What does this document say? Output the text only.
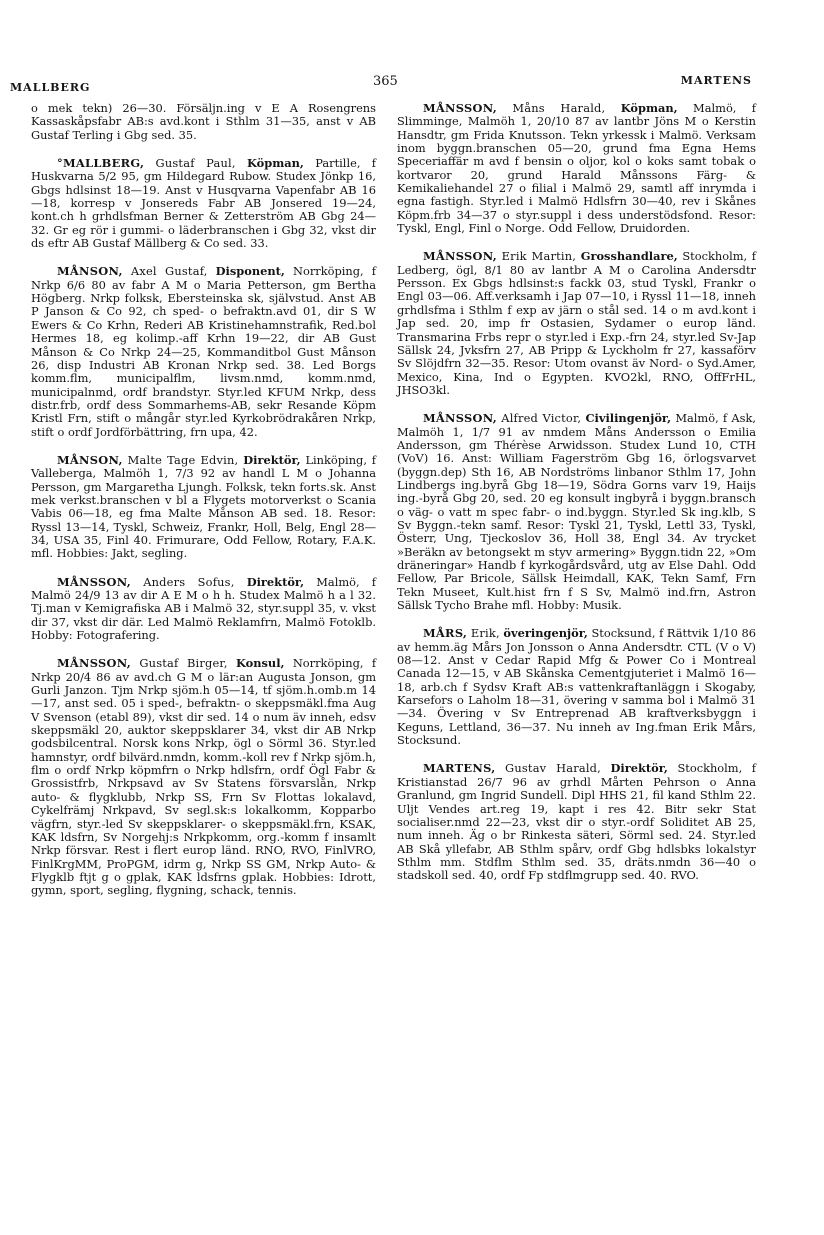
MALLBERG	365	MARTENS

o mek tekn) 26—30. Försäljn.ing v E A Rosengrens Kassaskåpsfabr AB:s avd.kont i Sthlm 31—35, anst v AB Gustaf Terling i Gbg sed. 35.

°MALLBERG, Gustaf Paul, Köpman, Partille, f Huskvarna 5/2 95, gm Hildegard Rubow. Studex Jönkp 16, Gbgs hdlsinst 18—19. Anst v Husqvarna Vapenfabr AB 16—18, korresp v Jonsereds Fabr AB Jonsered 19—24, kont.ch h grhdlsfman Berner & Zetterström AB Gbg 24—32. Gr eg rör i gummi- o läderbranschen i Gbg 32, vkst dir ds eftr AB Gustaf Mällberg & Co sed. 33.

MÅNSON, Axel Gustaf, Disponent, Norrköping, f Nrkp 6/6 80 av fabr A M o Maria Petterson, gm Bertha Högberg. Nrkp folksk, Ebersteinska sk, självstud. Anst AB P Janson & Co 92, ch sped- o befraktn.avd 01, dir S W Ewers & Co Krhn, Rederi AB Kristinehamnstrafik, Red.bol Hermes 18, eg kolimp.-aff Krhn 19—22, dir AB Gust Månson & Co Nrkp 24—25, Kommanditbol Gust Månson 26, disp Industri AB Kronan Nrkp sed. 38. Led Borgs komm.flm, municipalflm, livsm.nmd, komm.nmd, municipalnmd, ordf brandstyr. Styr.led KFUM Nrkp, dess distr.frb, ordf dess Sommarhems-AB, sekr Resande Köpm Kristl Frn, stift o mångår styr.led Kyrkobrödrakåren Nrkp, stift o ordf Jordförbättring, frn upa, 42.

MÅNSON, Malte Tage Edvin, Direktör, Linköping, f Valleberga, Malmöh 1, 7/3 92 av handl L M o Johanna Persson, gm Margaretha Ljungh. Folksk, tekn forts.sk. Anst mek verkst.branschen v bl a Flygets motorverkst o Scania Vabis 06—18, eg fma Malte Månson AB sed. 18. Resor: Ryssl 13—14, Tyskl, Schweiz, Frankr, Holl, Belg, Engl 28—34, USA 35, Finl 40. Frimurare, Odd Fellow, Rotary, F.A.K. mfl. Hobbies: Jakt, segling.

MÅNSSON, Anders Sofus, Direktör, Malmö, f Malmö 24/9 13 av dir A E M o h h. Studex Malmö h a l 32. Tj.man v Kemigrafiska AB i Malmö 32, styr.suppl 35, v. vkst dir 37, vkst dir där. Led Malmö Reklamfrn, Malmö Fotoklb. Hobby: Fotografering.

MÅNSSON, Gustaf Birger, Konsul, Norrköping, f Nrkp 20/4 86 av avd.ch G M o lär:an Augusta Jonson, gm Gurli Janzon. Tjm Nrkp sjöm.h 05—14, tf sjöm.h.omb.m 14—17, anst sed. 05 i sped-, befraktn- o skeppsmäkl.fma Aug V Svenson (etabl 89), vkst dir sed. 14 o num äv inneh, edsv skeppsmäkl 20, auktor skeppsklarer 34, vkst dir AB Nrkp godsbilcentral. Norsk kons Nrkp, ögl o Sörml 36. Styr.led hamnstyr, ordf bilvärd.nmdn, komm.-koll rev f Nrkp sjöm.h, flm o ordf Nrkp köpmfrn o Nrkp hdlsfrn, ordf Ögl Fabr & Grossistfrb, Nrkpsavd av Sv Statens försvarslån, Nrkp auto- & flygklubb, Nrkp SS, Frn Sv Flottas lokalavd, Cykelfrämj Nrkpavd, Sv segl.sk:s lokalkomm, Kopparbo vägfrn, styr.-led Sv skeppsklarer- o skeppsmäkl.frn, KSAK, KAK ldsfrn, Sv Norgehj:s Nrkpkomm, org.-komm f insamlt Nrkp försvar. Rest i flert europ länd. RNO, RVO, FinlVRO, FinlKrgMM, ProPGM, idrm g, Nrkp SS GM, Nrkp Auto- & Flygklb ftjt g o gplak, KAK ldsfrns gplak. Hobbies: Idrott, gymn, sport, segling, flygning, schack, tennis.

MÅNSSON, Måns Harald, Köpman, Malmö, f Slimminge, Malmöh 1, 20/10 87 av lantbr Jöns M o Kerstin Hansdtr, gm Frida Knutsson. Tekn yrkessk i Malmö. Verksam inom byggn.branschen 05—20, grund fma Egna Hems Speceriaffär m avd f bensin o oljor, kol o koks samt tobak o kortvaror 20, grund Harald Månssons Färg- & Kemikaliehandel 27 o filial i Malmö 29, samtl aff inrymda i egna fastigh. Styr.led i Malmö Hdlsfrn 30—40, rev i Skånes Köpm.frb 34—37 o styr.suppl i dess understödsfond. Resor: Tyskl, Engl, Finl o Norge. Odd Fellow, Druidorden.

MÅNSSON, Erik Martin, Grosshandlare, Stockholm, f Ledberg, ögl, 8/1 80 av lantbr A M o Carolina Andersdtr Persson. Ex Gbgs hdlsinst:s fackk 03, stud Tyskl, Frankr o Engl 03—06. Aff.verksamh i Jap 07—10, i Ryssl 11—18, inneh grhdlsfma i Sthlm f exp av järn o stål sed. 14 o m avd.kont i Jap sed. 20, imp fr Ostasien, Sydamer o europ länd. Transmarina Frbs repr o styr.led i Exp.-frn 24, styr.led Sv-Jap Sällsk 24, Jvksfrn 27, AB Pripp & Lyckholm fr 27, kassaförv Sv Slöjdfrn 32—35. Resor: Utom ovanst äv Nord- o Syd.Amer, Mexico, Kina, Ind o Egypten. KVO2kl, RNO, OffFrHL, JHSO3kl.

MÅNSSON, Alfred Victor, Civilingenjör, Malmö, f Ask, Malmöh 1, 1/7 91 av nmdem Måns Andersson o Emilia Andersson, gm Thérèse Arwidsson. Studex Lund 10, CTH (VoV) 16. Anst: William Fagerström Gbg 16, örlogsvarvet (byggn.dep) Sth 16, AB Nordströms linbanor Sthlm 17, John Lindbergs ing.byrå Gbg 18—19, Södra Gorns varv 19, Haijs ing.-byrå Gbg 20, sed. 20 eg konsult ingbyrå i byggn.bransch o väg- o vatt m spec fabr- o ind.byggn. Styr.led Sk ing.klb, S Sv Byggn.-tekn samf. Resor: Tyskl 21, Tyskl, Lettl 33, Tyskl, Österr, Ung, Tjeckoslov 36, Holl 38, Engl 34. Av trycket »Beräkn av betongsekt m styv armering» Byggn.tidn 22, »Om dräneringar» Handb f kyrkogårdsvård, utg av Else Dahl. Odd Fellow, Par Bricole, Sällsk Heimdall, KAK, Tekn Samf, Frn Tekn Museet, Kult.hist frn f S Sv, Malmö ind.frn, Astron Sällsk Tycho Brahe mfl. Hobby: Musik.

MÅRS, Erik, överingenjör, Stocksund, f Rättvik 1/10 86 av hemm.äg Mårs Jon Jonsson o Anna Andersdtr. CTL (V o V) 08—12. Anst v Cedar Rapid Mfg & Power Co i Montreal Canada 12—15, v AB Skånska Cementgjuteriet i Malmö 16—18, arb.ch f Sydsv Kraft AB:s vattenkraftanläggn i Skogaby, Karsefors o Laholm 18—31, övering v samma bol i Malmö 31—34. Övering v Sv Entreprenad AB kraftverksbyggn i Keguns, Lettland, 36—37. Nu inneh av Ing.fman Erik Mårs, Stocksund.

MARTENS, Gustav Harald, Direktör, Stockholm, f Kristianstad 26/7 96 av grhdl Mårten Pehrson o Anna Granlund, gm Ingrid Sundell. Dipl HHS 21, fil kand Sthlm 22. Uljt Vendes art.reg 19, kapt i res 42. Bitr sekr Stat socialiser.nmd 22—23, vkst dir o styr.-ordf Soliditet AB 25, num inneh. Äg o br Rinkesta säteri, Sörml sed. 24. Styr.led AB Skå yllefabr, AB Sthlm spårv, ordf Gbg hdlsbks lokalstyr Sthlm mm. Stdflm Sthlm sed. 35, dräts.nmdn 36—40 o stadskoll sed. 40, ordf Fp stdflmgrupp sed. 40. RVO.
